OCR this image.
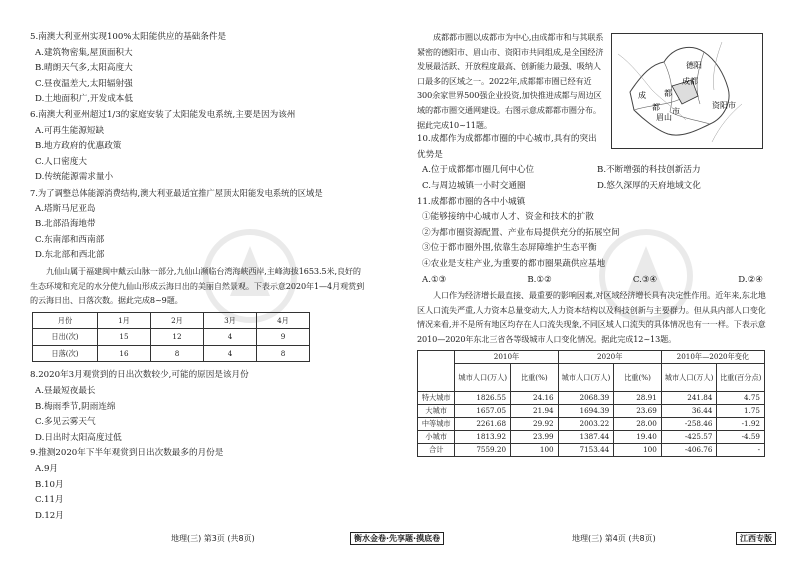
5.南澳大利亚州实现100%太阳能供应的基础条件是

A.建筑物密集,屋顶面积大

B.晴朗天气多,太阳高度大

C.昼夜温差大,太阳辐射强

D.土地面积广,开发成本低

6.南澳大利亚州超过1/3的家庭安装了太阳能发电系统,主要是因为该州

A.可再生能源短缺

B.地方政府的优惠政策

C.人口密度大

D.传统能源需求量小

7.为了调整总体能源消费结构,澳大利亚最适宜推广屋顶太阳能发电系统的区域是

A.塔斯马尼亚岛

B.北部沿海地带

C.东南部和西南部

D.东北部和西北部

九仙山属于福建闽中戴云山脉一部分,九仙山濒临台湾海峡西岸,主峰海拔1653.5米,良好的生态环境和充足的水分使九仙山形成云海日出的美丽自然景观。下表示意2020年1—4月观赏到的云海日出、日落次数。据此完成8~9题。

月份	1月	2月	3月	4月
日出(次)	15	12	4	9
日落(次)	16	8	4	8

8.2020年3月观赏到的日出次数较少,可能的原因是该月份

A.昼最短夜最长

B.梅雨季节,阴雨连绵

C.多见云雾天气

D.日出时太阳高度过低

9.推测2020年下半年观赏到日出次数最多的月份是

A.9月

B.10月

C.11月

D.12月

成都都市圈以成都市为中心,由成都市和与其联系紧密的德阳市、眉山市、资阳市共同组成,是全国经济发展最活跃、开放程度最高、创新能力最强、吸纳人口最多的区域之一。2022年,成都都市圈已经有近300余家世界500强企业投资,加快推进成都与周边区域的都市圈交通网建设。右图示意成都都市圈分布。据此完成10~11题。

10.成都作为成都都市圈的中心城市,具有的突出优势是

A.位于成都都市圈几何中心位	B.不断增强的科技创新活力
C.与周边城镇一小时交通圈	D.悠久深厚的天府地域文化

11.成都都市圈的各中小城镇

①能够接纳中心城市人才、资金和技术的扩散

②为都市圈资源配置、产业布局提供充分的拓展空间

③位于都市圈外围,依靠生态屏障维护生态平衡

④农业是支柱产业,为重要的都市圈果蔬供应基地

A.①③	B.①②	C.③④	D.②④

人口作为经济增长最直接、最重要的影响因素,对区域经济增长具有决定性作用。近年来,东北地区人口流失严重,人力资本总量变动大,人力资本结构以及科技创新与主要群力。但从具内部人口变化情况来看,并不是所有地区均存在人口流失现象,不同区域人口流失的具体情况也有一一样。下表示意2010—2020年东北三省各等级城市人口变化情况。据此完成12~13题。

	2010年		2020年		2010年—2020年变化	
	城市人口(万人)	比重(%)	城市人口(万人)	比重(%)	城市人口(万人)	比重(百分点)
特大城市	1826.55	24.16	2068.39	28.91	241.84	4.75
大城市	1657.05	21.94	1694.39	23.69	36.44	1.75
中等城市	2261.68	29.92	2003.22	28.00	-258.46	-1.92
小城市	1813.92	23.99	1387.44	19.40	-425.57	-4.59
合计	7559.20	100	7153.44	100	-406.76	-
德阳
成都
都
眉山
市
资阳市
成
都
地理(三) 第3页 (共8页)	衡水金卷·先享题·摸底卷	地理(三) 第4页 (共8页)	江西专版
